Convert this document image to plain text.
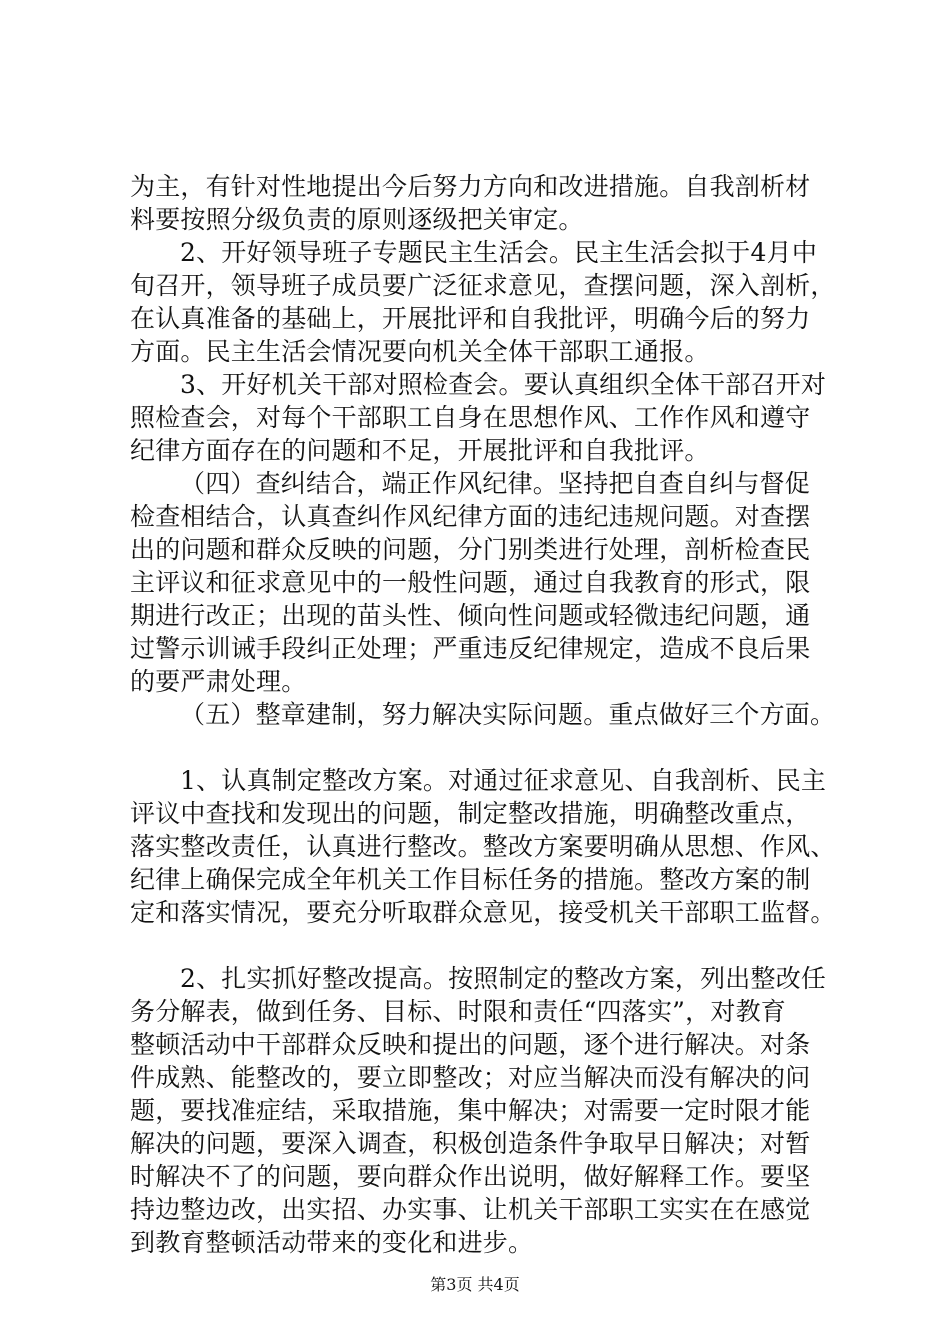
为主，有针对性地提出今后努力方向和改进措施。自我剖析材
料要按照分级负责的原则逐级把关审定。
2、开好领导班子专题民主生活会。民主生活会拟于4月中
旬召开，领导班子成员要广泛征求意见，查摆问题，深入剖析，
在认真准备的基础上，开展批评和自我批评，明确今后的努力
方面。民主生活会情况要向机关全体干部职工通报。
3、开好机关干部对照检查会。要认真组织全体干部召开对
照检查会，对每个干部职工自身在思想作风、工作作风和遵守
纪律方面存在的问题和不足，开展批评和自我批评。
（四）查纠结合，端正作风纪律。坚持把自查自纠与督促
检查相结合，认真查纠作风纪律方面的违纪违规问题。对查摆
出的问题和群众反映的问题，分门别类进行处理，剖析检查民
主评议和征求意见中的一般性问题，通过自我教育的形式，限
期进行改正；出现的苗头性、倾向性问题或轻微违纪问题，通
过警示训诫手段纠正处理；严重违反纪律规定，造成不良后果
的要严肃处理。
（五）整章建制，努力解决实际问题。重点做好三个方面。
1、认真制定整改方案。对通过征求意见、自我剖析、民主
评议中查找和发现出的问题，制定整改措施，明确整改重点，
落实整改责任，认真进行整改。整改方案要明确从思想、作风、
纪律上确保完成全年机关工作目标任务的措施。整改方案的制
定和落实情况，要充分听取群众意见，接受机关干部职工监督。
2、扎实抓好整改提高。按照制定的整改方案，列出整改任
务分解表，做到任务、目标、时限和责任“四落实”，对教育
整顿活动中干部群众反映和提出的问题，逐个进行解决。对条
件成熟、能整改的，要立即整改；对应当解决而没有解决的问
题，要找准症结，采取措施，集中解决；对需要一定时限才能
解决的问题，要深入调查，积极创造条件争取早日解决；对暂
时解决不了的问题，要向群众作出说明，做好解释工作。要坚
持边整边改，出实招、办实事、让机关干部职工实实在在感觉
到教育整顿活动带来的变化和进步。
第3页 共4页
